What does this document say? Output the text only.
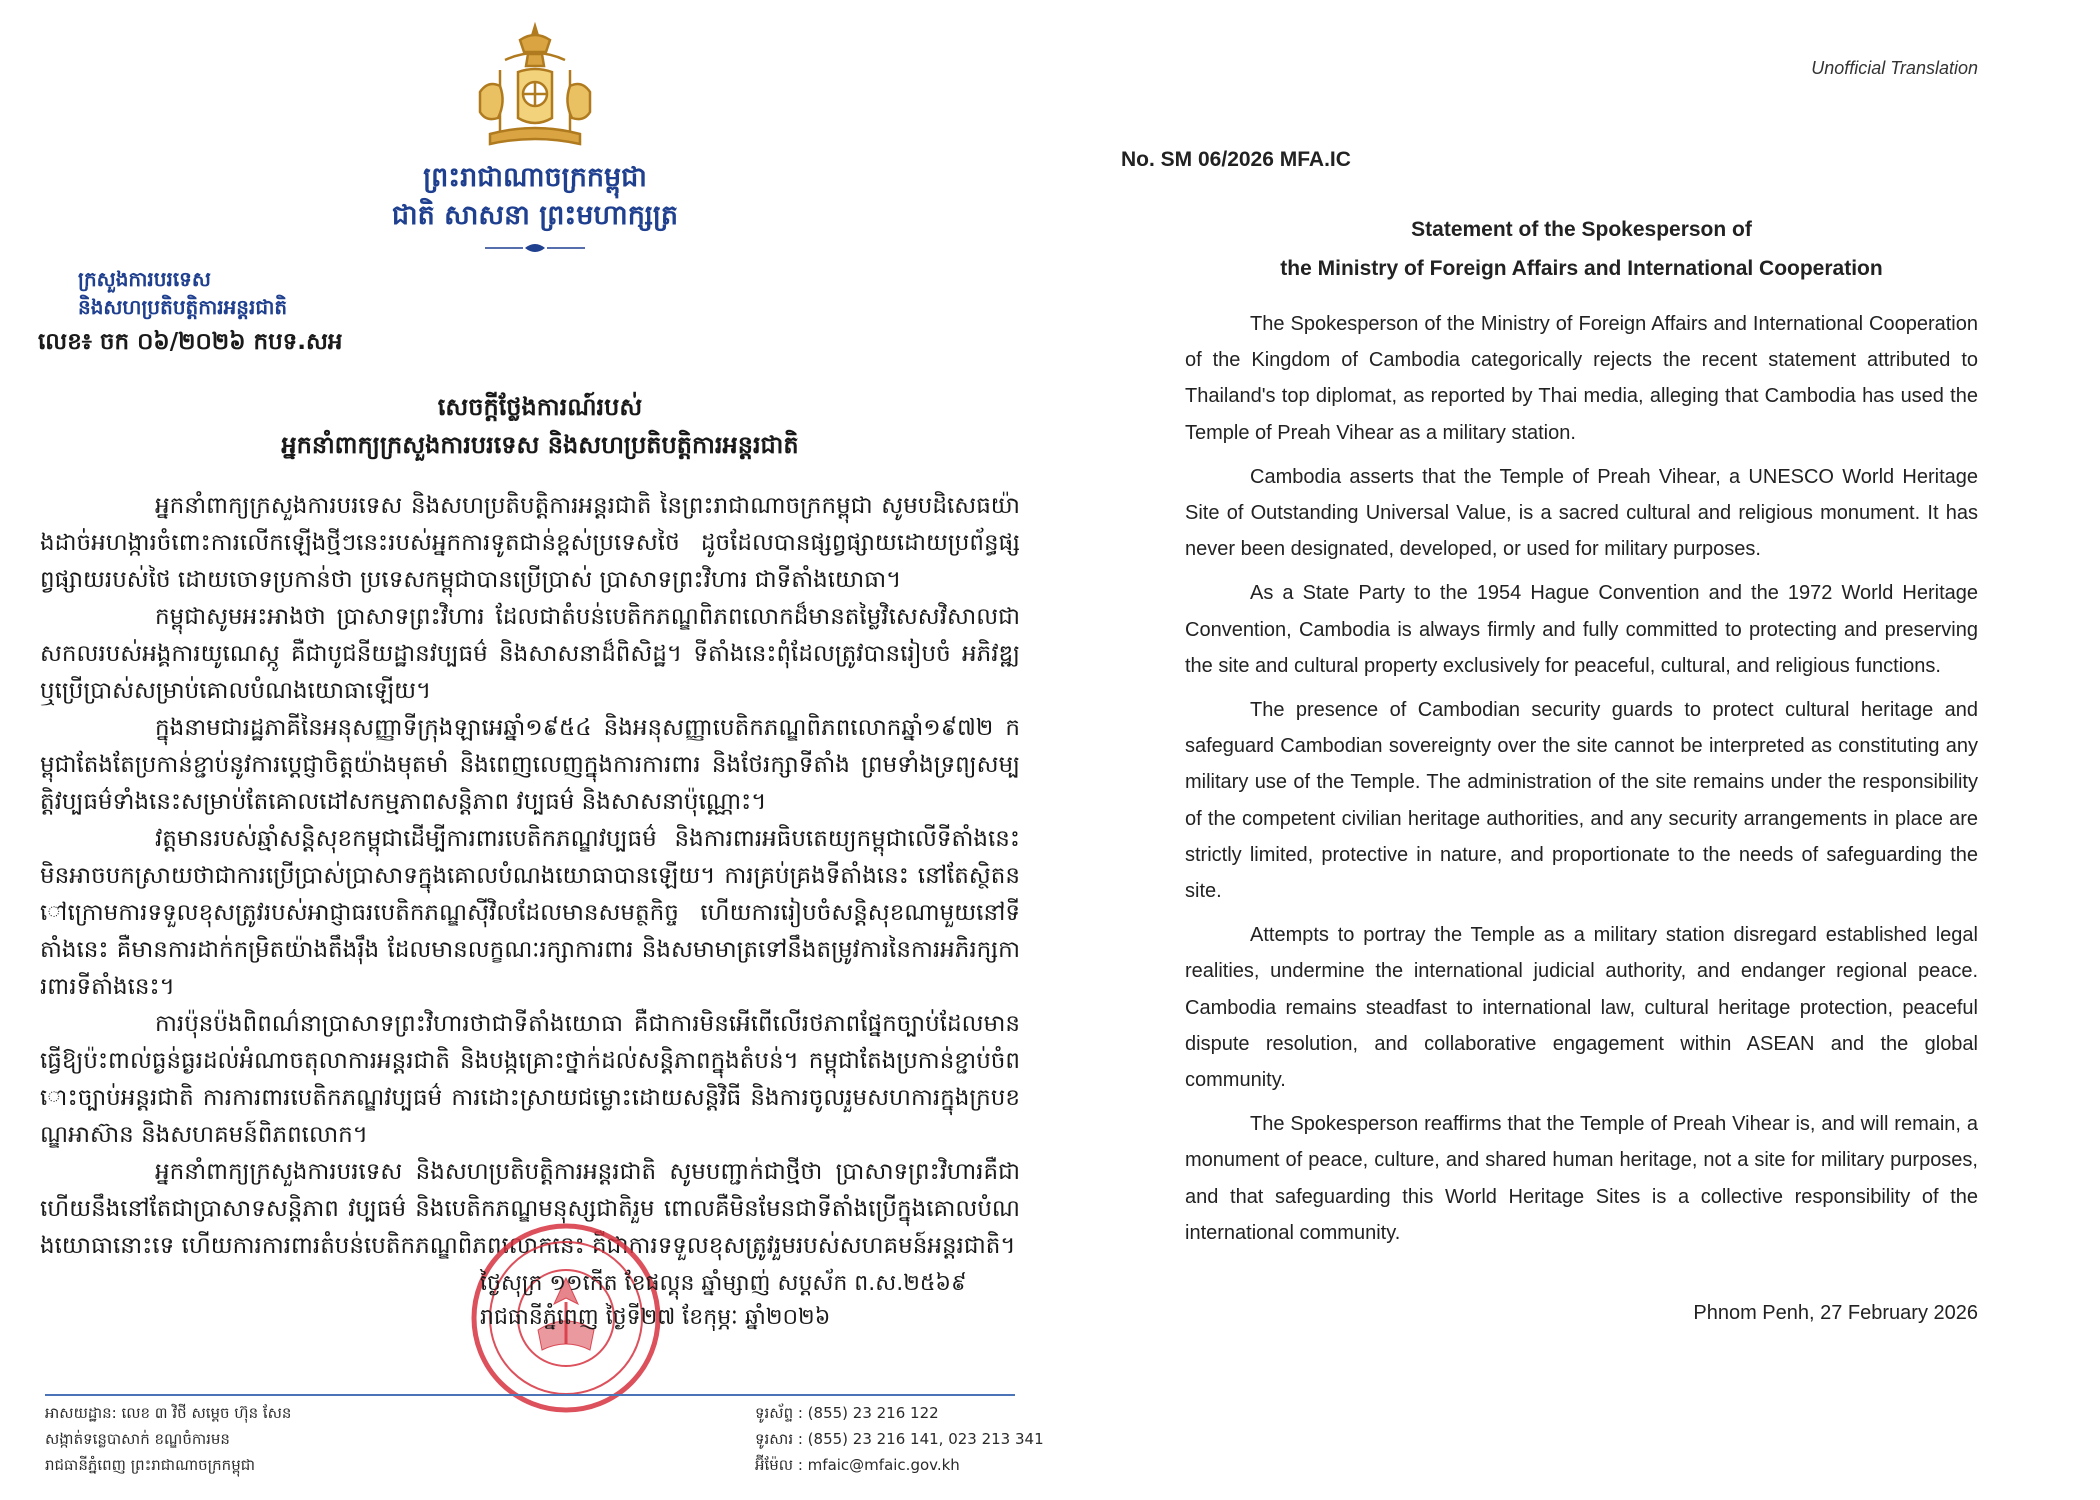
ព្រះរាជាណាចក្រកម្ពុជា
ជាតិ សាសនា ព្រះមហាក្សត្រ
ក្រសួងការបរទេស
និងសហប្រតិបត្តិការអន្តរជាតិ
លេខ៖ ចក ០៦/២០២៦ កបទ.សអ
សេចក្តីថ្លែងការណ៍របស់
អ្នកនាំពាក្យក្រសួងការបរទេស និងសហប្រតិបត្តិការអន្តរជាតិ

អ្នកនាំពាក្យក្រសួងការបរទេស និងសហប្រតិបត្តិការអន្តរជាតិ នៃព្រះរាជាណាចក្រកម្ពុជា សូមបដិសេធយ៉ាងដាច់អហង្ការចំពោះការលើកឡើងថ្មីៗនេះរបស់អ្នកការទូតជាន់ខ្ពស់ប្រទេសថៃ ដូចដែលបានផ្សព្វផ្សាយដោយប្រព័ន្ធផ្សព្វផ្សាយរបស់ថៃ ដោយចោទប្រកាន់ថា ប្រទេសកម្ពុជាបានប្រើប្រាស់ ប្រាសាទព្រះវិហារ ជាទីតាំងយោធា។

កម្ពុជាសូមអះអាងថា ប្រាសាទព្រះវិហារ ដែលជាតំបន់បេតិកភណ្ឌពិភពលោកដ៏មានតម្លៃវិសេសវិសាលជាសកលរបស់អង្គការយូណេស្កូ គឺជាបូជនីយដ្ឋានវប្បធម៌ និងសាសនាដ៏ពិសិដ្ឋ។ ទីតាំងនេះពុំដែលត្រូវបានរៀបចំ អភិវឌ្ឍ ឬប្រើប្រាស់សម្រាប់គោលបំណងយោធាឡើយ។

ក្នុងនាមជារដ្ឋភាគីនៃអនុសញ្ញាទីក្រុងឡាអេឆ្នាំ១៩៥៤ និងអនុសញ្ញាបេតិកភណ្ឌពិភពលោកឆ្នាំ១៩៧២ កម្ពុជាតែងតែប្រកាន់ខ្ជាប់នូវការប្តេជ្ញាចិត្តយ៉ាងមុតមាំ និងពេញលេញក្នុងការការពារ និងថែរក្សាទីតាំង ព្រមទាំងទ្រព្យសម្បត្តិវប្បធម៌ទាំងនេះសម្រាប់តែគោលដៅសកម្មភាពសន្តិភាព វប្បធម៌ និងសាសនាប៉ុណ្ណោះ។

វត្តមានរបស់ឆ្មាំសន្តិសុខកម្ពុជាដើម្បីការពារបេតិកភណ្ឌវប្បធម៌ និងការពារអធិបតេយ្យកម្ពុជាលើទីតាំងនេះ មិនអាចបកស្រាយថាជាការប្រើប្រាស់ប្រាសាទក្នុងគោលបំណងយោធាបានឡើយ។ ការគ្រប់គ្រងទីតាំងនេះ នៅតែស្ថិតនៅក្រោមការទទួលខុសត្រូវរបស់អាជ្ញាធរបេតិកភណ្ឌស៊ីវិលដែលមានសមត្ថកិច្ច ហើយការរៀបចំសន្តិសុខណាមួយនៅទីតាំងនេះ គឺមានការដាក់កម្រិតយ៉ាងតឹងរ៉ឹង ដែលមានលក្ខណៈរក្សាការពារ និងសមាមាត្រទៅនឹងតម្រូវការនៃការអភិរក្សការពារទីតាំងនេះ។

ការប៉ុនប៉ងពិពណ៌នាប្រាសាទព្រះវិហារថាជាទីតាំងយោធា គឺជាការមិនអើពើលើរថភាពផ្នែកច្បាប់ដែលមាន ធ្វើឱ្យប៉ះពាល់ធ្ងន់ធ្ងរដល់អំណាចតុលាការអន្តរជាតិ និងបង្កគ្រោះថ្នាក់ដល់សន្តិភាពក្នុងតំបន់។ កម្ពុជាតែងប្រកាន់ខ្ជាប់ចំពោះច្បាប់អន្តរជាតិ ការការពារបេតិកភណ្ឌវប្បធម៌ ការដោះស្រាយជម្លោះដោយសន្តិវិធី និងការចូលរួមសហការក្នុងក្របខណ្ឌអាស៊ាន និងសហគមន៍ពិភពលោក។

អ្នកនាំពាក្យក្រសួងការបរទេស និងសហប្រតិបត្តិការអន្តរជាតិ សូមបញ្ជាក់ជាថ្មីថា ប្រាសាទព្រះវិហារគឺជាហើយនឹងនៅតែជាប្រាសាទសន្តិភាព វប្បធម៌ និងបេតិកភណ្ឌមនុស្សជាតិរួម ពោលគឺមិនមែនជាទីតាំងប្រើក្នុងគោលបំណងយោធានោះទេ ហើយការការពារតំបន់បេតិកភណ្ឌពិភពលោកនេះ គឺជាការទទួលខុសត្រូវរួមរបស់សហគមន៍អន្តរជាតិ។

ថ្ងៃសុក្រ ១១កើត ខែផល្គុន ឆ្នាំម្សាញ់ សប្តស័ក ព.ស.២៥៦៩
រាជធានីភ្នំពេញ ថ្ងៃទី២៧ ខែកុម្ភៈ ឆ្នាំ២០២៦
អាសយដ្ឋាន: លេខ ៣ វិថី សម្តេច ហ៊ុន សែន
សង្កាត់ទន្លេបាសាក់ ខណ្ឌចំការមន
រាជធានីភ្នំពេញ ព្រះរាជាណាចក្រកម្ពុជា
ទូរស័ព្ទ : (855) 23 216 122
ទូរសារ : (855) 23 216 141, 023 213 341
អ៊ីម៉ែល : mfaic@mfaic.gov.kh
Unofficial Translation
No. SM 06/2026 MFA.IC
Statement of the Spokesperson of
the Ministry of Foreign Affairs and International Cooperation

The Spokesperson of the Ministry of Foreign Affairs and International Cooperation of the Kingdom of Cambodia categorically rejects the recent statement attributed to Thailand's top diplomat, as reported by Thai media, alleging that Cambodia has used the Temple of Preah Vihear as a military station.

Cambodia asserts that the Temple of Preah Vihear, a UNESCO World Heritage Site of Outstanding Universal Value, is a sacred cultural and religious monument. It has never been designated, developed, or used for military purposes.

As a State Party to the 1954 Hague Convention and the 1972 World Heritage Convention, Cambodia is always firmly and fully committed to protecting and preserving the site and cultural property exclusively for peaceful, cultural, and religious functions.

The presence of Cambodian security guards to protect cultural heritage and safeguard Cambodian sovereignty over the site cannot be interpreted as constituting any military use of the Temple. The administration of the site remains under the responsibility of the competent civilian heritage authorities, and any security arrangements in place are strictly limited, protective in nature, and proportionate to the needs of safeguarding the site.

Attempts to portray the Temple as a military station disregard established legal realities, undermine the international judicial authority, and endanger regional peace. Cambodia remains steadfast to international law, cultural heritage protection, peaceful dispute resolution, and collaborative engagement within ASEAN and the global community.

The Spokesperson reaffirms that the Temple of Preah Vihear is, and will remain, a monument of peace, culture, and shared human heritage, not a site for military purposes, and that safeguarding this World Heritage Sites is a collective responsibility of the international community.

Phnom Penh, 27 February 2026
